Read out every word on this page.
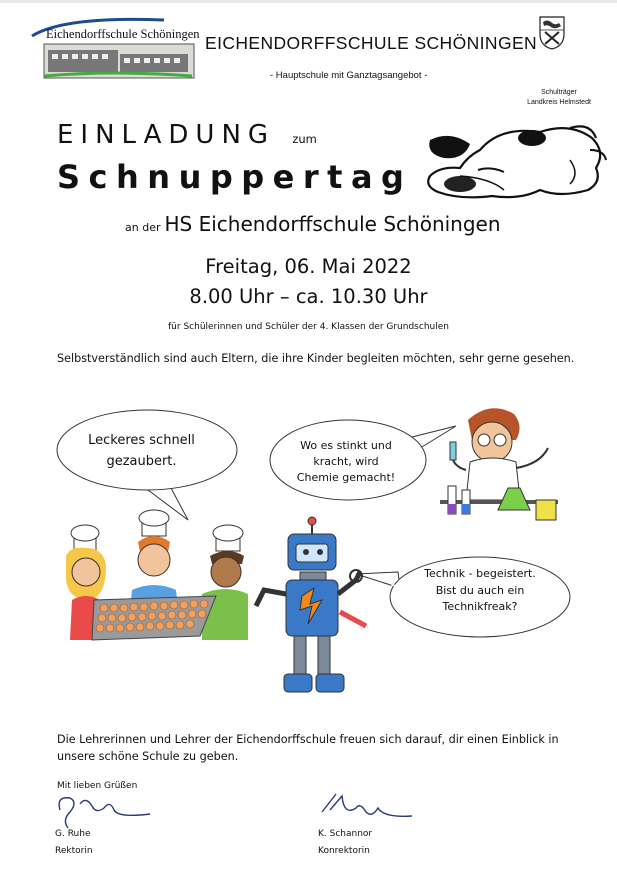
Eichendorffschule Schöningen EICHENDORFFSCHULE SCHÖNINGEN
- Hauptschule mit Ganztagsangebot -
Schulträger
Landkreis Helmstedt
EINLADUNG zum
Schnuppertag
an der HS Eichendorffschule Schöningen
Freitag, 06. Mai 2022
8.00 Uhr – ca. 10.30 Uhr
für Schülerinnen und Schüler der 4. Klassen der Grundschulen
Selbstverständlich sind auch Eltern, die ihre Kinder begleiten möchten, sehr gerne gesehen.
Leckeres schnell
gezaubert.
Wo es stinkt und
kracht, wird
Chemie gemacht!
Technik - begeistert.
Bist du auch ein
Technikfreak?
Die Lehrerinnen und Lehrer der Eichendorffschule freuen sich darauf, dir einen Einblick in unsere schöne Schule zu geben.
Mit lieben Grüßen
G. Ruhe
Rektorin
K. Schannor
Konrektorin
